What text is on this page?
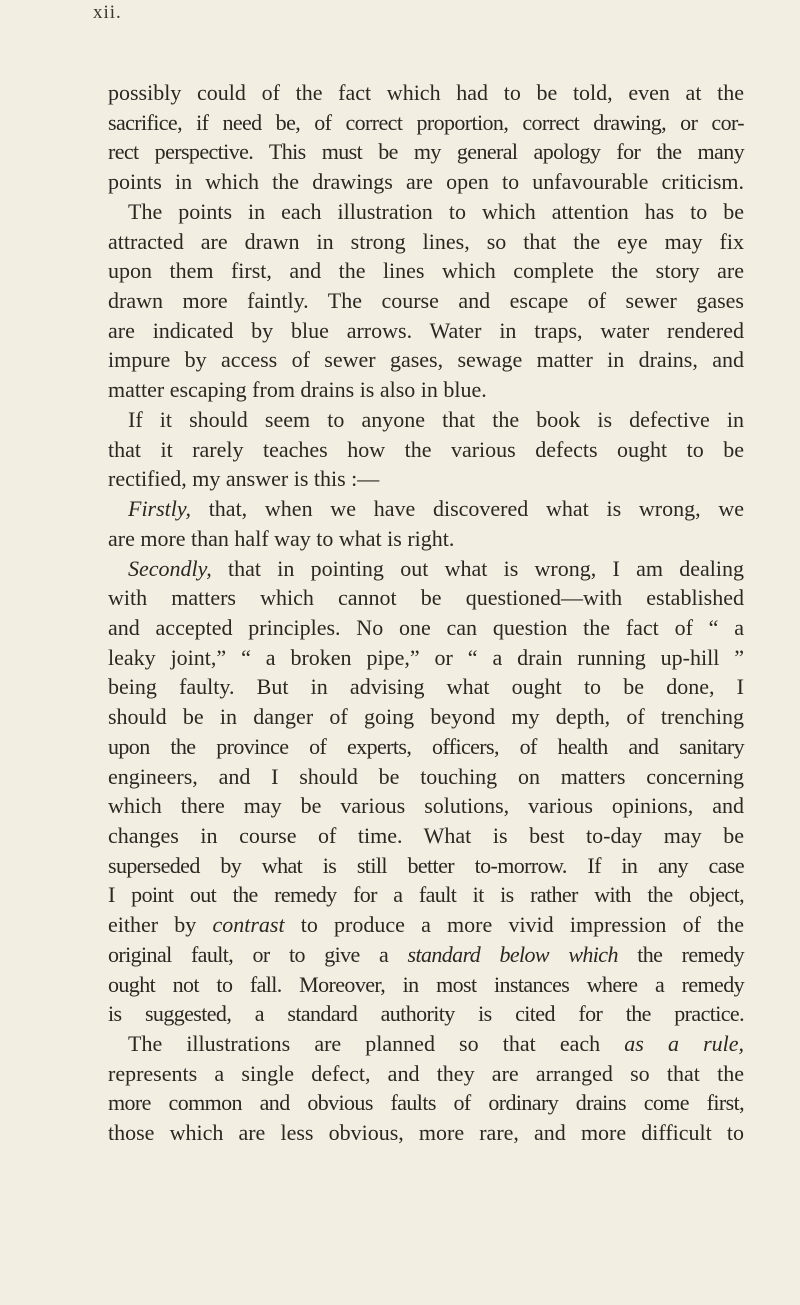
xii.
possibly could of the fact which had to be told, even at the
sacrifice, if need be, of correct proportion, correct drawing, or cor-
rect perspective. This must be my general apology for the many
points in which the drawings are open to unfavourable criticism.
The points in each illustration to which attention has to be
attracted are drawn in strong lines, so that the eye may fix
upon them first, and the lines which complete the story are
drawn more faintly. The course and escape of sewer gases
are indicated by blue arrows. Water in traps, water rendered
impure by access of sewer gases, sewage matter in drains, and
matter escaping from drains is also in blue.
If it should seem to anyone that the book is defective in
that it rarely teaches how the various defects ought to be
rectified, my answer is this :—
Firstly, that, when we have discovered what is wrong, we
are more than half way to what is right.
Secondly, that in pointing out what is wrong, I am dealing
with matters which cannot be questioned—with established
and accepted principles. No one can question the fact of “ a
leaky joint,” “ a broken pipe,” or “ a drain running up-hill ”
being faulty. But in advising what ought to be done, I
should be in danger of going beyond my depth, of trenching
upon the province of experts, officers, of health and sanitary
engineers, and I should be touching on matters concerning
which there may be various solutions, various opinions, and
changes in course of time. What is best to-day may be
superseded by what is still better to-morrow. If in any case
I point out the remedy for a fault it is rather with the object,
either by contrast to produce a more vivid impression of the
original fault, or to give a standard below which the remedy
ought not to fall. Moreover, in most instances where a remedy
is suggested, a standard authority is cited for the practice.
The illustrations are planned so that each as a rule,
represents a single defect, and they are arranged so that the
more common and obvious faults of ordinary drains come first,
those which are less obvious, more rare, and more difficult to
